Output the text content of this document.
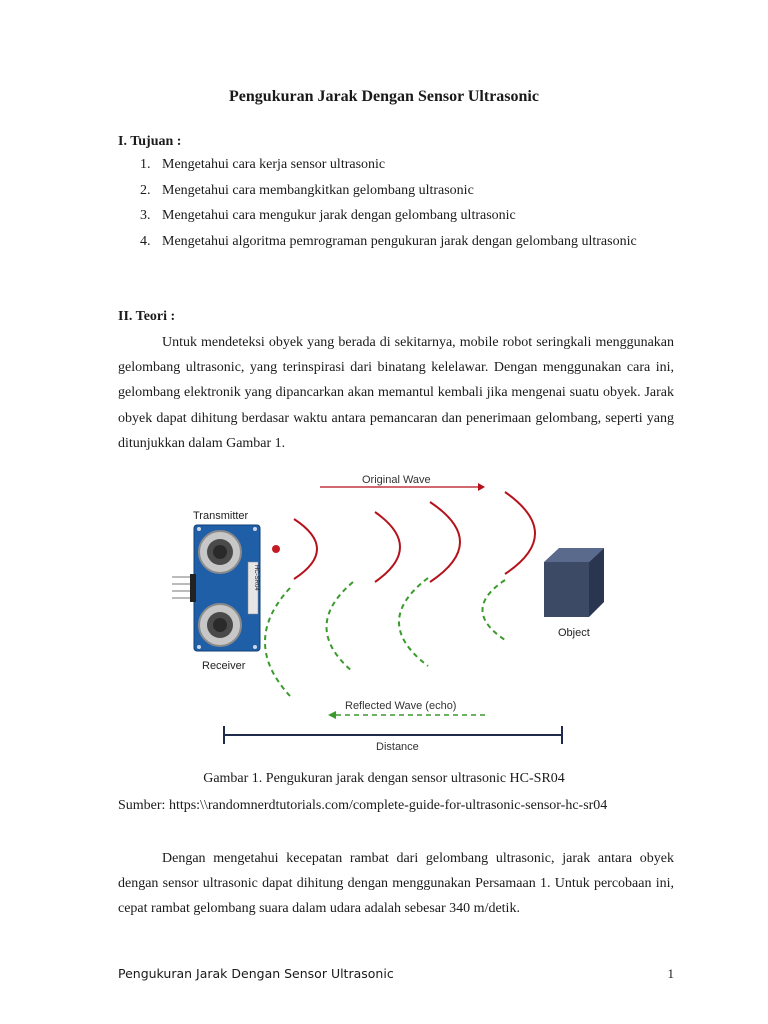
Pengukuran Jarak Dengan Sensor Ultrasonic
I. Tujuan :
1. Mengetahui cara kerja sensor ultrasonic
2. Mengetahui cara membangkitkan gelombang ultrasonic
3. Mengetahui cara mengukur jarak dengan gelombang ultrasonic
4. Mengetahui algoritma pemrograman pengukuran jarak dengan gelombang ultrasonic
II. Teori :
Untuk mendeteksi obyek yang berada di sekitarnya, mobile robot seringkali menggunakan gelombang ultrasonic, yang terinspirasi dari binatang kelelawar. Dengan menggunakan cara ini, gelombang elektronik yang dipancarkan akan memantul kembali jika mengenai suatu obyek. Jarak obyek dapat dihitung berdasar waktu antara pemancaran dan penerimaan gelombang, seperti yang ditunjukkan dalam Gambar 1.
Original Wave
Transmitter
HC-SR04
Receiver
Object
Reflected Wave (echo)
Distance
Gambar 1. Pengukuran jarak dengan sensor ultrasonic HC-SR04
Sumber: https:\\randomnerdtutorials.com/complete-guide-for-ultrasonic-sensor-hc-sr04
Dengan mengetahui kecepatan rambat dari gelombang ultrasonic, jarak antara obyek dengan sensor ultrasonic dapat dihitung dengan menggunakan Persamaan 1. Untuk percobaan ini, cepat rambat gelombang suara dalam udara adalah sebesar 340 m/detik.
Pengukuran Jarak Dengan Sensor Ultrasonic	1
